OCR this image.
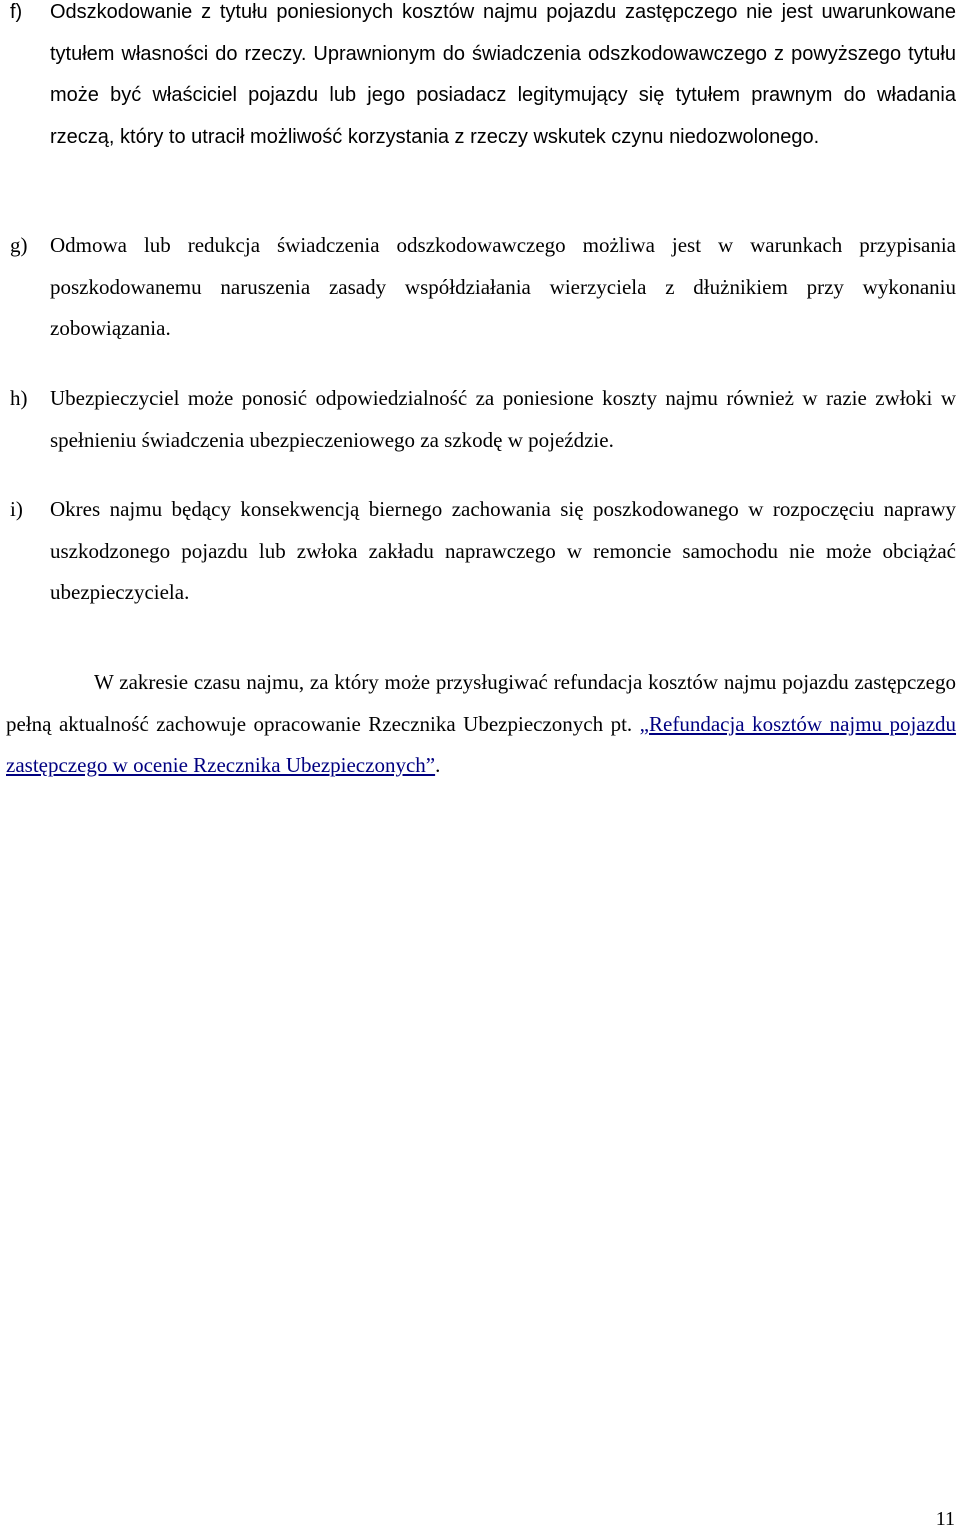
f) Odszkodowanie z tytułu poniesionych kosztów najmu pojazdu zastępczego nie jest uwarunkowane tytułem własności do rzeczy. Uprawnionym do świadczenia odszkodowawczego z powyższego tytułu może być właściciel pojazdu lub jego posiadacz legitymujący się tytułem prawnym do władania rzeczą, który to utracił możliwość korzystania z rzeczy wskutek czynu niedozwolonego.
g) Odmowa lub redukcja świadczenia odszkodowawczego możliwa jest w warunkach przypisania poszkodowanemu naruszenia zasady współdziałania wierzyciela z dłużnikiem przy wykonaniu zobowiązania.
h) Ubezpieczyciel może ponosić odpowiedzialność za poniesione koszty najmu również w razie zwłoki w spełnieniu świadczenia ubezpieczeniowego za szkodę w pojeździe.
i) Okres najmu będący konsekwencją biernego zachowania się poszkodowanego w rozpoczęciu naprawy uszkodzonego pojazdu lub zwłoka zakładu naprawczego w remoncie samochodu nie może obciążać ubezpieczyciela.

W zakresie czasu najmu, za który może przysługiwać refundacja kosztów najmu pojazdu zastępczego pełną aktualność zachowuje opracowanie Rzecznika Ubezpieczonych pt. „Refundacja kosztów najmu pojazdu zastępczego w ocenie Rzecznika Ubezpieczonych”.

11
